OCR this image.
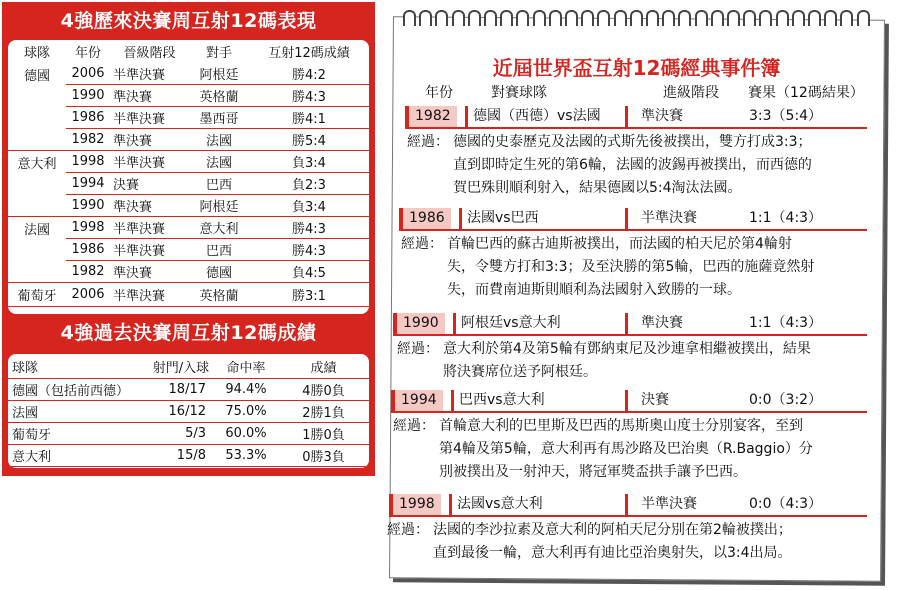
4強歷來決賽周互射12碼表現
球隊	年份	晉級階段	對手	互射12碼成績
德國	2006	半準決賽	阿根廷	勝4:2
	1990	準決賽	英格蘭	勝4:3
	1986	半準決賽	墨西哥	勝4:1
	1982	準決賽	法國	勝5:4
意大利	1998	半準決賽	法國	負3:4
	1994	決賽	巴西	負2:3
	1990	準決賽	阿根廷	負3:4
法國	1998	半準決賽	意大利	勝4:3
	1986	半準決賽	巴西	勝4:3
	1982	準決賽	德國	負4:5
葡萄牙	2006	半準決賽	英格蘭	勝3:1
4強過去決賽周互射12碼成績
球隊	射門/入球	命中率	成績
德國（包括前西德）	18/17	94.4%	4勝0負
法國	16/12	75.0%	2勝1負
葡萄牙	5/3	60.0%	1勝0負
意大利	15/8	53.3%	0勝3負
近屆世界盃互射12碼經典事件簿
年份	對賽球隊	進級階段 賽果（12碼結果）
1982	德國（西德）vs法國	準決賽	3:3（5:4）
經過： 德國的史泰歷克及法國的式斯先後被撲出，雙方打成3:3；
直到即時定生死的第6輪，法國的波錫再被撲出，而西德的
賀巴殊則順利射入，結果德國以5:4淘汰法國。
1986	法國vs巴西	半準決賽	1:1（4:3）
經過： 首輪巴西的蘇古迪斯被撲出，而法國的柏天尼於第4輪射
失，令雙方打和3:3；及至決勝的第5輪，巴西的施薩竟然射
失，而費南迪斯則順利為法國射入致勝的一球。
1990	阿根廷vs意大利	準決賽	1:1（4:3）
經過： 意大利於第4及第5輪有鄧納東尼及沙連拿相繼被撲出，結果
將決賽席位送予阿根廷。
1994	巴西vs意大利	決賽	0:0（3:2）
經過： 首輪意大利的巴里斯及巴西的馬斯奧山度士分別宴客，至到
第4輪及第5輪，意大利再有馬沙路及巴治奧（R.Baggio）分
別被撲出及一射沖天，將冠軍獎盃拱手讓予巴西。
1998	法國vs意大利	半準決賽	0:0（4:3）
經過： 法國的李沙拉素及意大利的阿柏天尼分別在第2輪被撲出；
直到最後一輪，意大利再有迪比亞治奧射失，以3:4出局。
